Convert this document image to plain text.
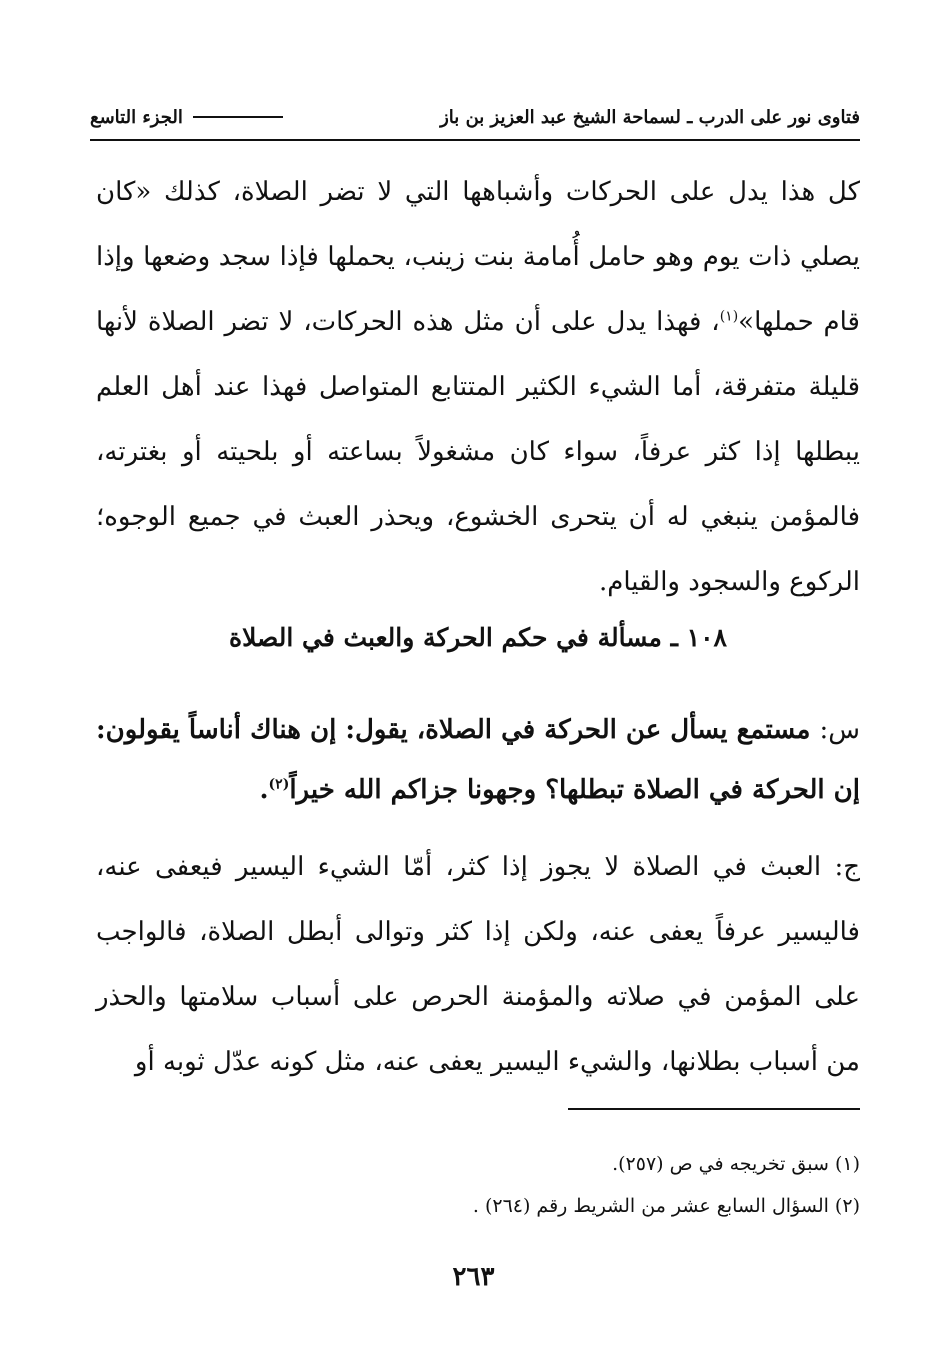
فتاوى نور على الدرب ـ لسماحة الشيخ عبد العزيز بن باز
الجزء التاسع
كل هذا يدل على الحركات وأشباهها التي لا تضر الصلاة، كذلك «كان يصلي ذات يوم وهو حامل أُمامة بنت زينب، يحملها فإذا سجد وضعها وإذا قام حملها»$^{(١)}$، فهذا يدل على أن مثل هذه الحركات، لا تضر الصلاة لأنها قليلة متفرقة، أما الشيء الكثير المتتابع المتواصل فهذا عند أهل العلم يبطلها إذا كثر عرفاً، سواء كان مشغولاً بساعته أو بلحيته أو بغترته، فالمؤمن ينبغي له أن يتحرى الخشوع، ويحذر العبث في جميع الوجوه؛ الركوع والسجود والقيام.
١٠٨ ـ مسألة في حكم الحركة والعبث في الصلاة
س: مستمع يسأل عن الحركة في الصلاة، يقول: إن هناك أناساً يقولون: إن الحركة في الصلاة تبطلها؟ وجهونا جزاكم الله خيراً$^{(٢)}$.
ج: العبث في الصلاة لا يجوز إذا كثر، أمّا الشيء اليسير فيعفى عنه، فاليسير عرفاً يعفى عنه، ولكن إذا كثر وتوالى أبطل الصلاة، فالواجب على المؤمن في صلاته والمؤمنة الحرص على أسباب سلامتها والحذر من أسباب بطلانها، والشيء اليسير يعفى عنه، مثل كونه عدّل ثوبه أو
(١) سبق تخريجه في ص (٢٥٧).
(٢) السؤال السابع عشر من الشريط رقم (٢٦٤) .
٢٦٣
